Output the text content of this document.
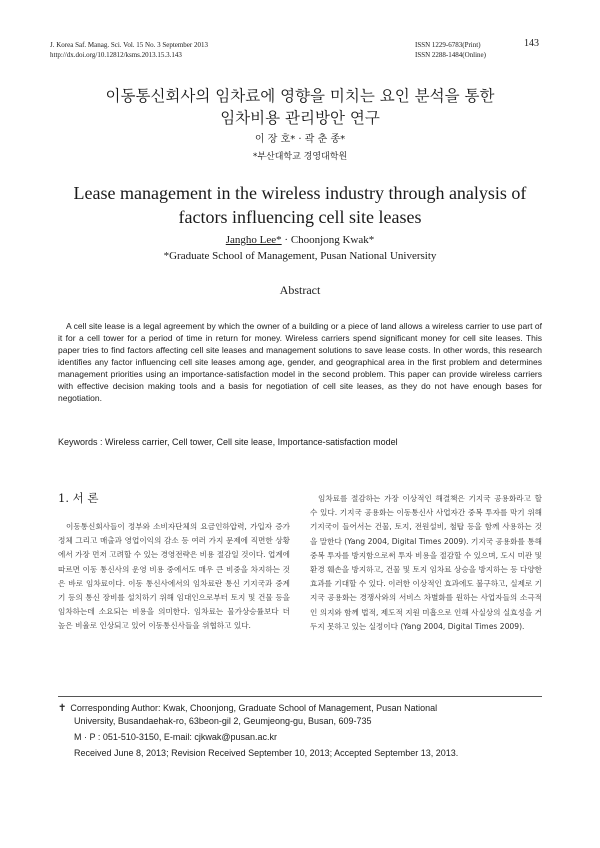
J. Korea Saf. Manag. Sci. Vol. 15 No. 3 September 2013
http://dx.doi.org/10.12812/ksms.2013.15.3.143
ISSN 1229-6783(Print)
ISSN 2288-1484(Online)
143
이동통신회사의 임차료에 영향을 미치는 요인 분석을 통한
임차비용 관리방안 연구
이 장 호* · 곽 춘 종*
*부산대학교 경영대학원
Lease management in the wireless industry through analysis of
factors influencing cell site leases
Jangho Lee* · Choonjong Kwak*
*Graduate School of Management, Pusan National University
Abstract
A cell site lease is a legal agreement by which the owner of a building or a piece of land allows a wireless carrier to use part of it for a cell tower for a period of time in return for money. Wireless carriers spend significant money for cell site leases. This paper tries to find factors affecting cell site leases and management solutions to save lease costs. In other words, this research identifies any factor influencing cell site leases among age, gender, and geographical area in the first problem and determines management priorities using an importance-satisfaction model in the second problem. This paper can provide wireless carriers with effective decision making tools and a basis for negotiation of cell site leases, as they do not have enough bases for negotiation.
Keywords : Wireless carrier, Cell tower, Cell site lease, Importance-satisfaction model
1. 서 론
이동통신회사들이 정부와 소비자단체의 요금인하압력, 가입자 증가 정체 그리고 매출과 영업이익의 감소 등 여러 가지 문제에 직면한 상황에서 가장 먼저 고려할 수 있는 경영전략은 비용 절감일 것이다. 업계에 따르면 이동 통신사의 운영 비용 중에서도 매우 큰 비중을 차지하는 것은 바로 임차료이다. 이동 통신사에서의 임차료란 통신 기지국과 중계기 등의 통신 장비를 설치하기 위해 임대인으로부터 토지 및 건물 등을 임차하는데 소요되는 비용을 의미한다. 임차료는 물가상승률보다 더 높은 비율로 인상되고 있어 이동통신사들을 위협하고 있다.
임차료를 절감하는 가장 이상적인 해결책은 기지국 공용화라고 할 수 있다. 기지국 공용화는 이동통신사 사업자간 중복 투자를 막기 위해 기지국이 들어서는 건물, 토지, 전원설비, 철탑 등을 함께 사용하는 것을 말한다 (Yang 2004, Digital Times 2009). 기지국 공용화를 통해 중복 투자를 방지함으로써 투자 비용을 절감할 수 있으며, 도시 미관 및 환경 훼손을 방지하고, 건물 및 토지 임차료 상승을 방지하는 등 다양한 효과를 기대할 수 있다. 이러한 이상적인 효과에도 불구하고, 실제로 기지국 공용화는 경쟁사와의 서비스 차별화를 원하는 사업자들의 소극적인 의지와 함께 법적, 제도적 지원 미흡으로 인해 사실상의 실효성을 거두지 못하고 있는 실정이다 (Yang 2004, Digital Times 2009).
✝ Corresponding Author: Kwak, Choonjong, Graduate School of Management, Pusan National
University, Busandaehak-ro, 63beon-gil 2, Geumjeong-gu, Busan, 609-735
M · P : 051-510-3150, E-mail: cjkwak@pusan.ac.kr
Received June 8, 2013; Revision Received September 10, 2013; Accepted September 13, 2013.
